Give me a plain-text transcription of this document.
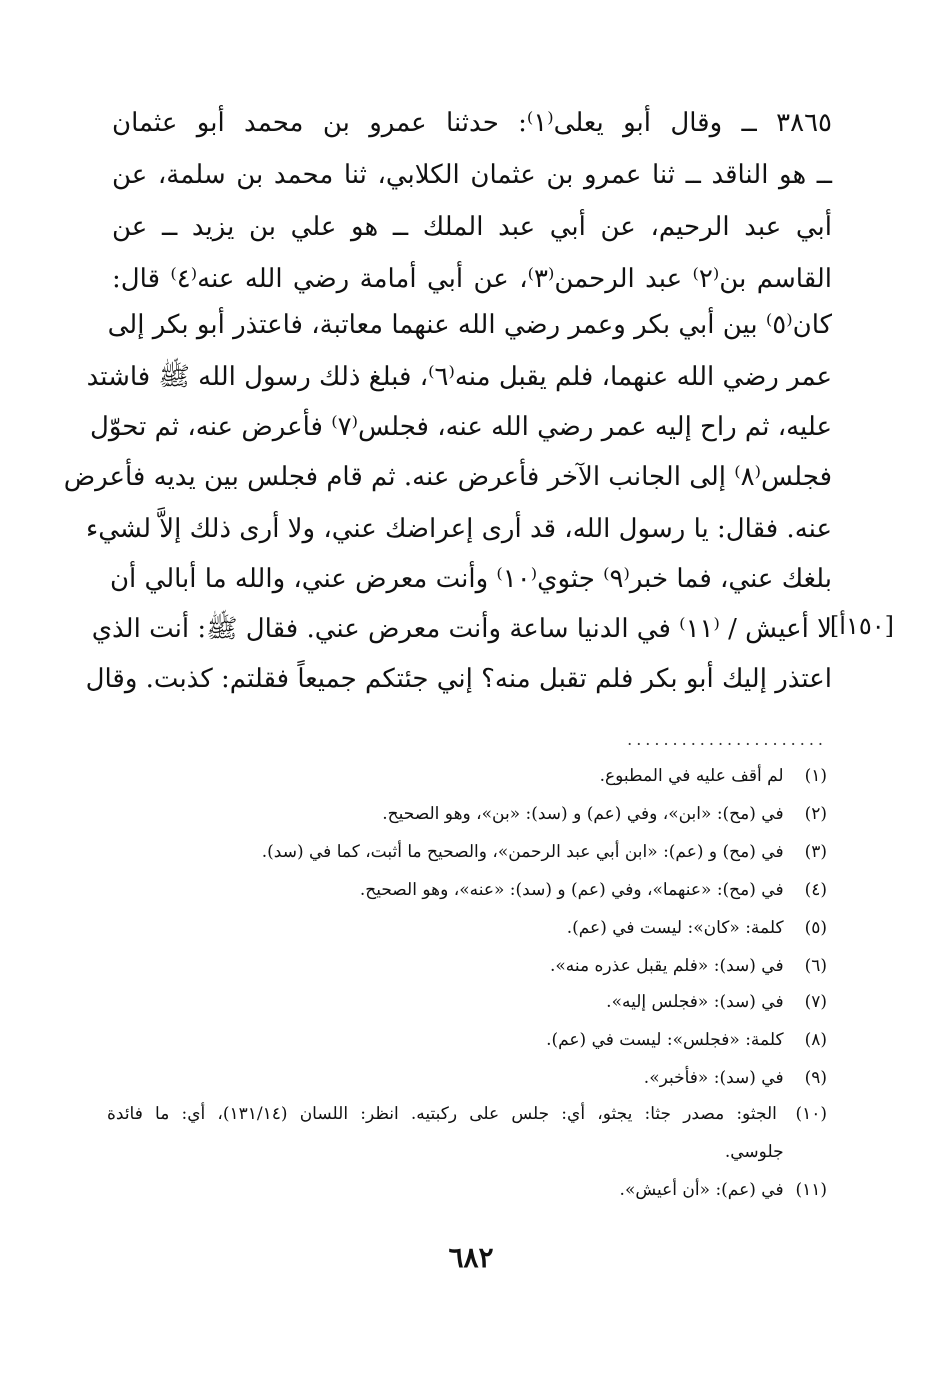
٣٨٦٥ ــ وقال أبو يعلى⁽١⁾: حدثنا عمرو بن محمد أبو عثمان
ــ هو الناقد ــ ثنا عمرو بن عثمان الكلابي، ثنا محمد بن سلمة، عن
أبي عبد الرحيم، عن أبي عبد الملك ــ هو علي بن يزيد ــ عن
القاسم بن⁽٢⁾ عبد الرحمن⁽٣⁾، عن أبي أمامة رضي الله عنه⁽٤⁾ قال:
كان⁽٥⁾ بين أبي بكر وعمر رضي الله عنهما معاتبة، فاعتذر أبو بكر إلى
عمر رضي الله عنهما، فلم يقبل منه⁽٦⁾، فبلغ ذلك رسول الله ﷺ فاشتد
عليه، ثم راح إليه عمر رضي الله عنه، فجلس⁽٧⁾ فأعرض عنه، ثم تحوّل
فجلس⁽٨⁾ إلى الجانب الآخر فأعرض عنه. ثم قام فجلس بين يديه فأعرض
عنه. فقال: يا رسول الله، قد أرى إعراضك عني، ولا أرى ذلك إلاَّ لشيء
بلغك عني، فما خبر⁽٩⁾ جثوي⁽١٠⁾ وأنت معرض عني، والله ما أبالي أن
لا أعيش / ⁽١١⁾ في الدنيا ساعة وأنت معرض عني. فقال ﷺ: أنت الذي
اعتذر إليك أبو بكر فلم تقبل منه؟ إني جئتكم جميعاً فقلتم: كذبت. وقال
[١٥٠أ]
......................
(١) لم أقف عليه في المطبوع.
(٢) في (مح): «ابن»، وفي (عم) و (سد): «بن»، وهو الصحيح.
(٣) في (مح) و (عم): «ابن أبي عبد الرحمن»، والصحيح ما أثبت، كما في (سد).
(٤) في (مح): «عنهما»، وفي (عم) و (سد): «عنه»، وهو الصحيح.
(٥) كلمة: «كان»: ليست في (عم).
(٦) في (سد): «فلم يقبل عذره منه».
(٧) في (سد): «فجلس إليه».
(٨) كلمة: «فجلس»: ليست في (عم).
(٩) في (سد): «فأخبر».
(١٠) الجثو: مصدر جثا: يجثو، أي: جلس على ركبتيه. انظر: اللسان (١٣١/١٤)، أي: ما فائدة
جلوسي.
(١١) في (عم): «أن أعيش».
٦٨٢
